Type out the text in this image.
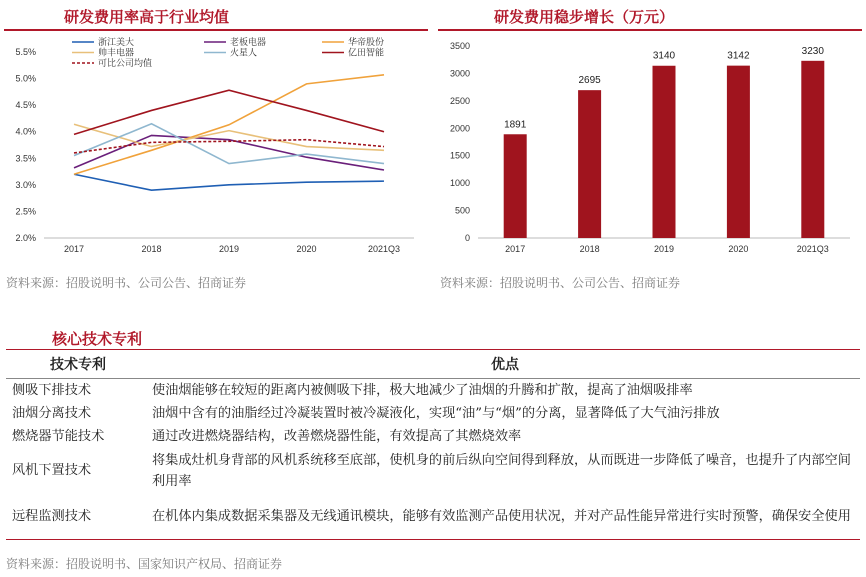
研发费用率高于行业均值
2.0%
2.5%
3.0%
3.5%
4.0%
4.5%
5.0%
5.5%
2017	2018	2019	2020	2021Q3
浙江美大	老板电器	华帝股份
帅丰电器	火星人	亿田智能
可比公司均值
资料来源：招股说明书、公司公告、招商证券
研发费用稳步增长（万元）
0
500
1000
1500
2000
2500
3000
3500
1891
2017
2695
2018
3140
2019
3142
2020
3230
2021Q3
资料来源：招股说明书、公司公告、招商证券
核心技术专利
技术专利	优点
侧吸下排技术	使油烟能够在较短的距离内被侧吸下排，极大地减少了油烟的升腾和扩散，提高了油烟吸排率
油烟分离技术	油烟中含有的油脂经过冷凝装置时被冷凝液化，实现“油”与“烟”的分离，显著降低了大气油污排放
燃烧器节能技术	通过改进燃烧器结构，改善燃烧器性能，有效提高了其燃烧效率
风机下置技术	将集成灶机身背部的风机系统移至底部，使机身的前后纵向空间得到释放，从而既进一步降低了噪音，也提升了内部空间利用率
远程监测技术	在机体内集成数据采集器及无线通讯模块，能够有效监测产品使用状况，并对产品性能异常进行实时预警，确保安全使用
资料来源：招股说明书、国家知识产权局、招商证券
